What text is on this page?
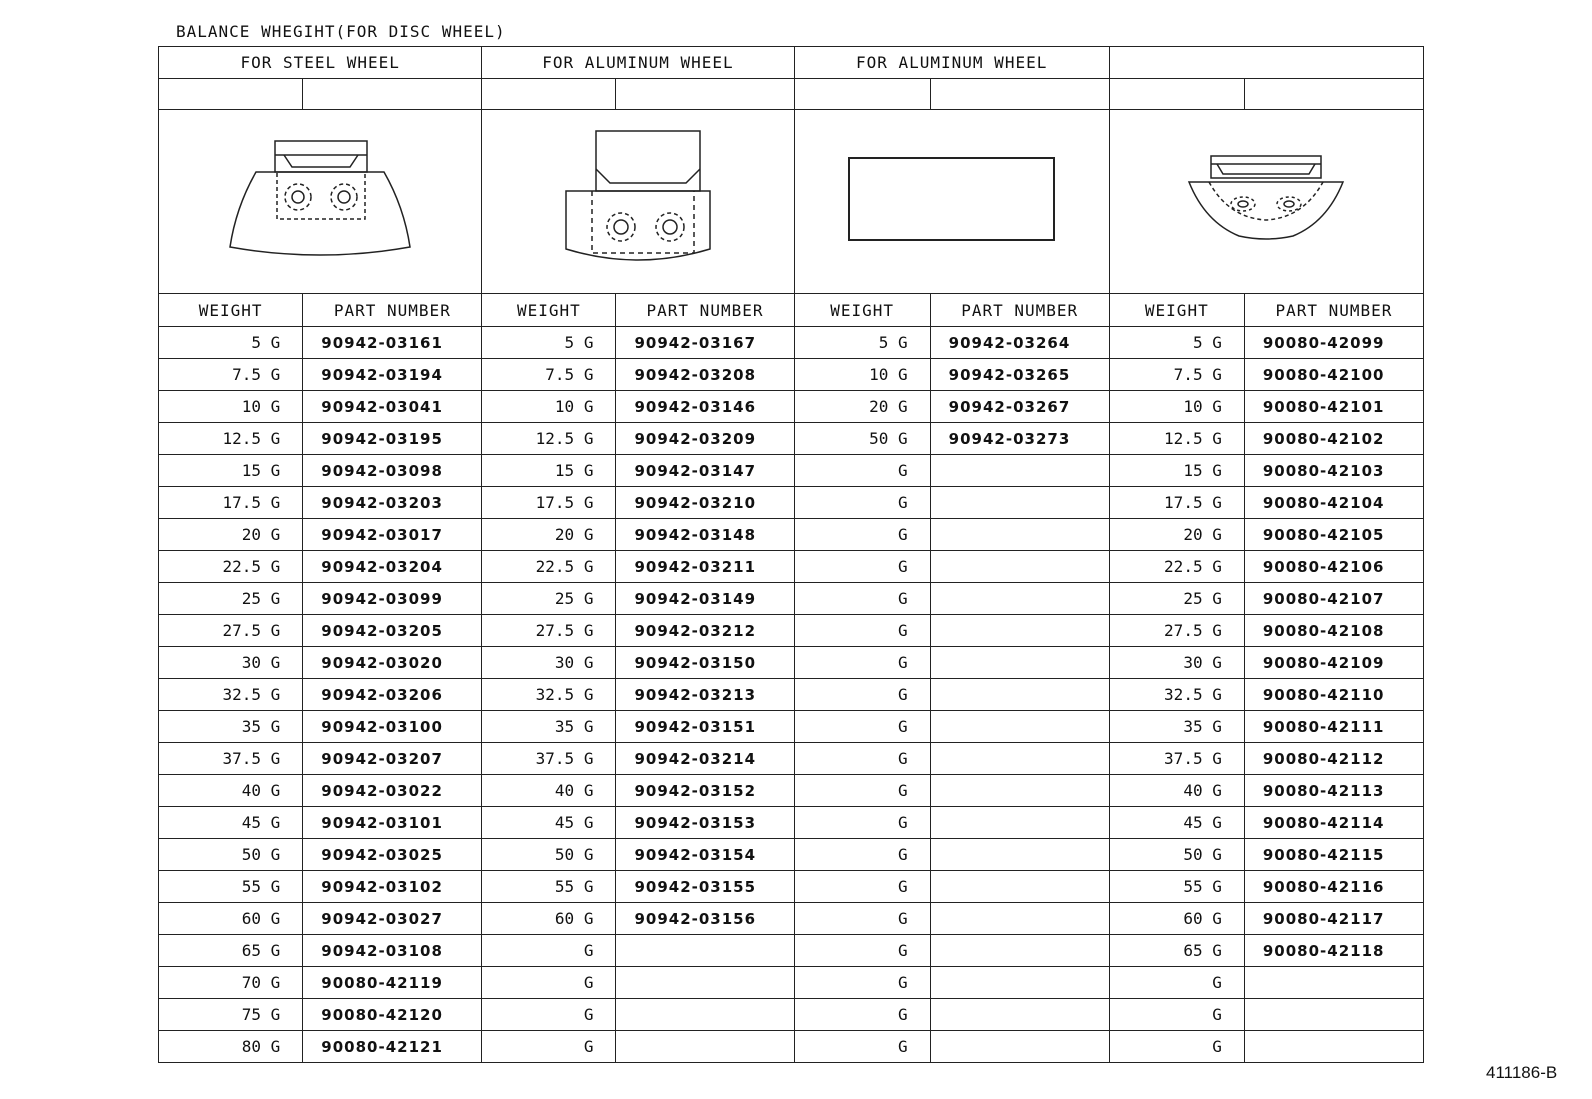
BALANCE WHEGIHT(FOR DISC WHEEL)
FOR STEEL WHEEL		FOR ALUMINUM WHEEL		FOR ALUMINUM WHEEL			

WEIGHT	PART NUMBER	WEIGHT	PART NUMBER	WEIGHT	PART NUMBER	WEIGHT	PART NUMBER
5 G	90942-03161	5 G	90942-03167	5 G	90942-03264	5 G	90080-42099
7.5 G	90942-03194	7.5 G	90942-03208	10 G	90942-03265	7.5 G	90080-42100
10 G	90942-03041	10 G	90942-03146	20 G	90942-03267	10 G	90080-42101
12.5 G	90942-03195	12.5 G	90942-03209	50 G	90942-03273	12.5 G	90080-42102
15 G	90942-03098	15 G	90942-03147	G		15 G	90080-42103
17.5 G	90942-03203	17.5 G	90942-03210	G		17.5 G	90080-42104
20 G	90942-03017	20 G	90942-03148	G		20 G	90080-42105
22.5 G	90942-03204	22.5 G	90942-03211	G		22.5 G	90080-42106
25 G	90942-03099	25 G	90942-03149	G		25 G	90080-42107
27.5 G	90942-03205	27.5 G	90942-03212	G		27.5 G	90080-42108
30 G	90942-03020	30 G	90942-03150	G		30 G	90080-42109
32.5 G	90942-03206	32.5 G	90942-03213	G		32.5 G	90080-42110
35 G	90942-03100	35 G	90942-03151	G		35 G	90080-42111
37.5 G	90942-03207	37.5 G	90942-03214	G		37.5 G	90080-42112
40 G	90942-03022	40 G	90942-03152	G		40 G	90080-42113
45 G	90942-03101	45 G	90942-03153	G		45 G	90080-42114
50 G	90942-03025	50 G	90942-03154	G		50 G	90080-42115
55 G	90942-03102	55 G	90942-03155	G		55 G	90080-42116
60 G	90942-03027	60 G	90942-03156	G		60 G	90080-42117
65 G	90942-03108	G		G		65 G	90080-42118
70 G	90080-42119	G		G		G	
75 G	90080-42120	G		G		G	
80 G	90080-42121	G		G		G	
411186-B
